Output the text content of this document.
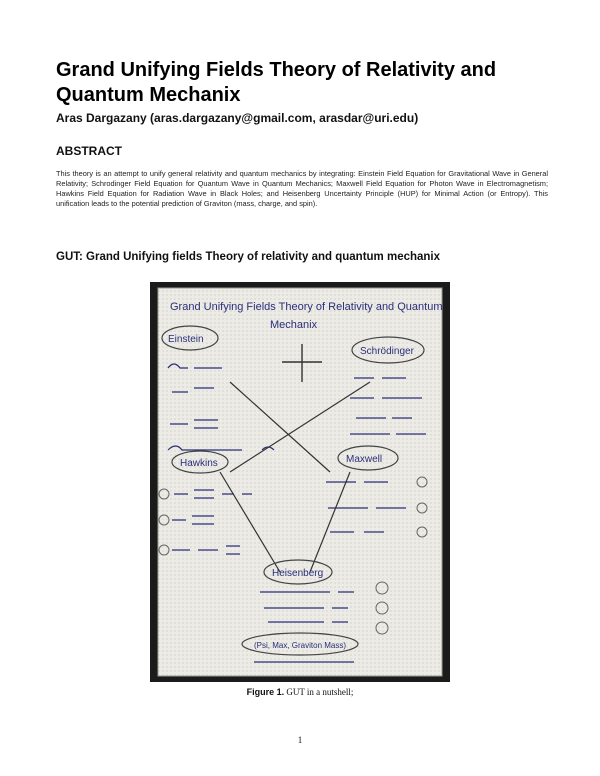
Grand Unifying Fields Theory of Relativity and Quantum Mechanix

Aras Dargazany (aras.dargazany@gmail.com, arasdar@uri.edu)

ABSTRACT

This theory is an attempt to unify general relativity and quantum mechanics by integrating: Einstein Field Equation for Gravitational Wave in General Relativity; Schrodinger Field Equation for Quantum Wave in Quantum Mechanics; Maxwell Field Equation for Photon Wave in Electromagnetism; Hawkins Field Equation for Radiation Wave in Black Holes; and Heisenberg Uncertainty Principle (HUP) for Minimal Action (or Entropy). This unification leads to the potential prediction of Graviton (mass, charge, and spin).

GUT: Grand Unifying fields Theory of relativity and quantum mechanix
Grand Unifying Fields Theory of Relativity and Quantum
Mechanix
Einstein
Schrödinger
Hawkins	Maxwell
Heisenberg
(Psi, Max, Graviton Mass)

Figure 1. GUT in a nutshell;

1
